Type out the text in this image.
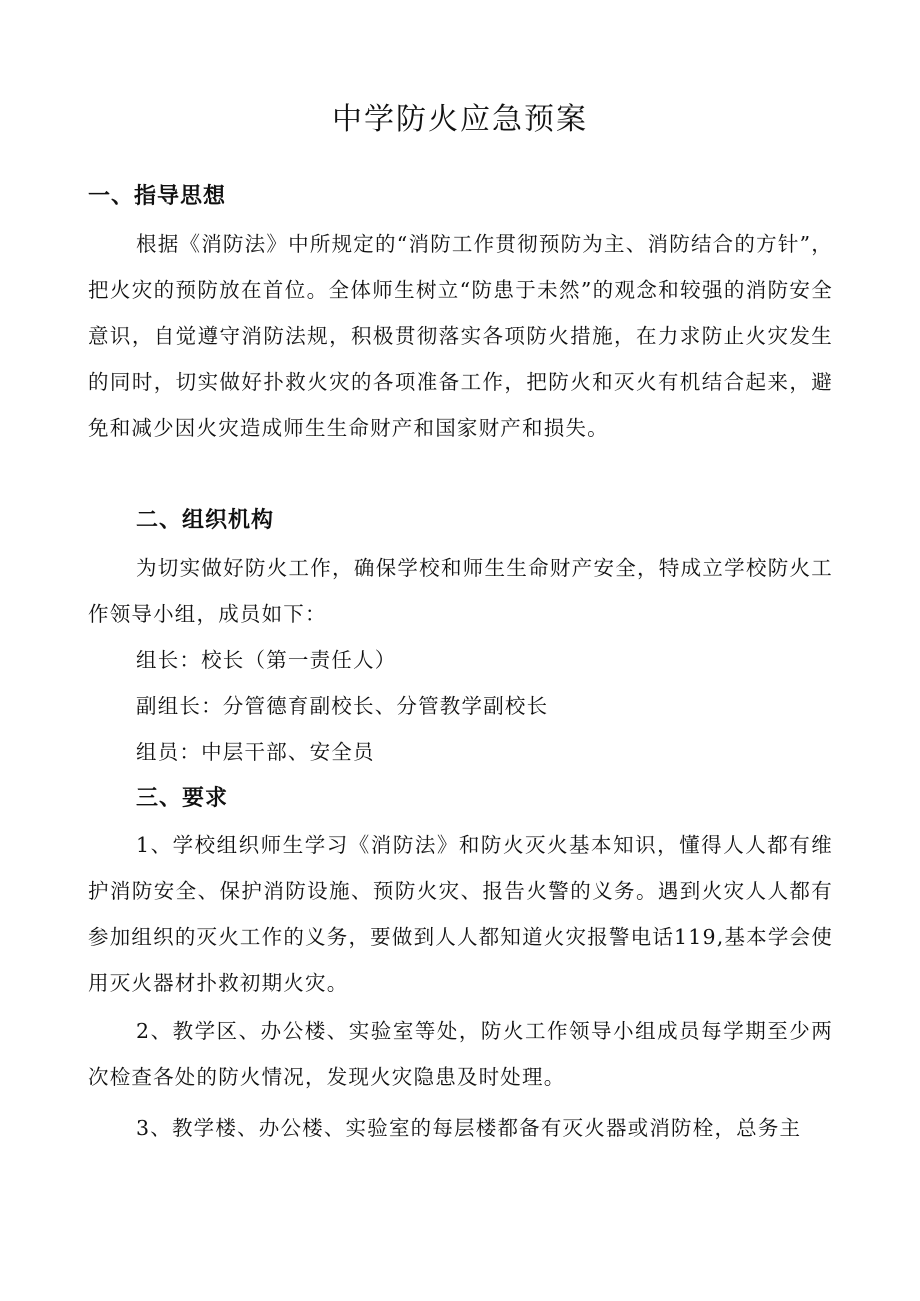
中学防火应急预案
一、指导思想
根据《消防法》中所规定的“消防工作贯彻预防为主、消防结合的方针”，把火灾的预防放在首位。全体师生树立“防患于未然”的观念和较强的消防安全意识，自觉遵守消防法规，积极贯彻落实各项防火措施，在力求防止火灾发生的同时，切实做好扑救火灾的各项准备工作，把防火和灭火有机结合起来，避免和减少因火灾造成师生生命财产和国家财产和损失。
二、组织机构
为切实做好防火工作，确保学校和师生生命财产安全，特成立学校防火工作领导小组，成员如下：
组长：校长（第一责任人）
副组长：分管德育副校长、分管教学副校长
组员：中层干部、安全员
三、要求
1、学校组织师生学习《消防法》和防火灭火基本知识，懂得人人都有维护消防安全、保护消防设施、预防火灾、报告火警的义务。遇到火灾人人都有参加组织的灭火工作的义务，要做到人人都知道火灾报警电话119,基本学会使用灭火器材扑救初期火灾。
2、教学区、办公楼、实验室等处，防火工作领导小组成员每学期至少两次检查各处的防火情况，发现火灾隐患及时处理。
3、教学楼、办公楼、实验室的每层楼都备有灭火器或消防栓，总务主
